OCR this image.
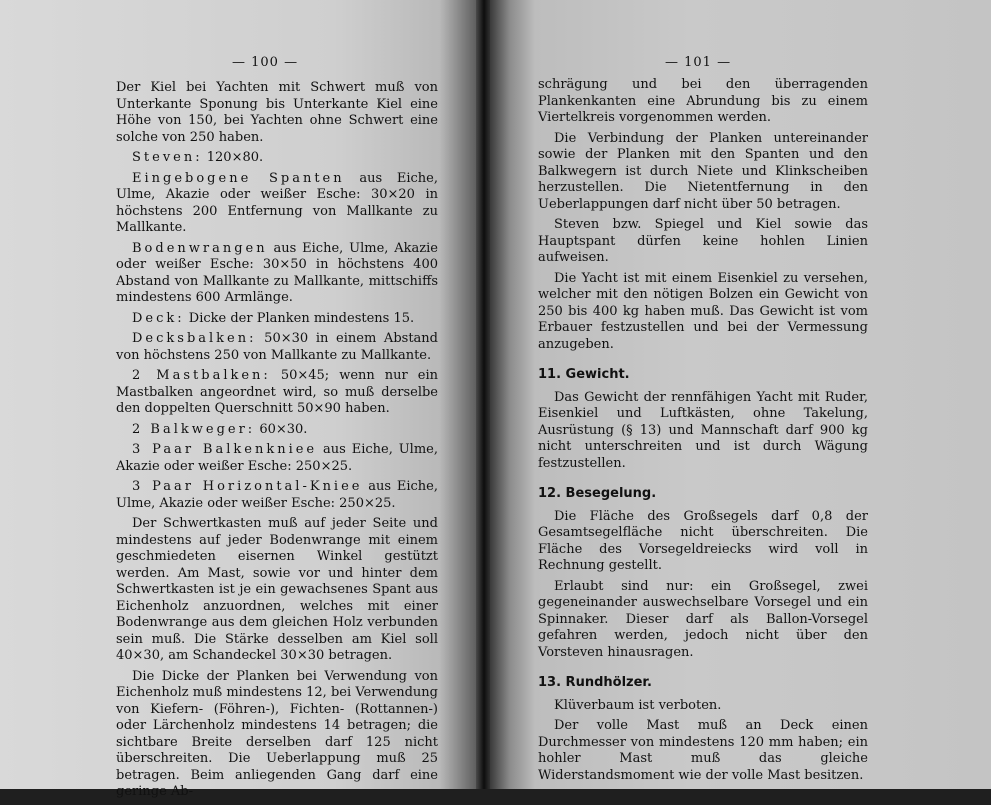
— 100 —

Der Kiel bei Yachten mit Schwert muß von Unterkante Sponung bis Unterkante Kiel eine Höhe von 150, bei Yachten ohne Schwert eine solche von 250 haben.

Steven: 120×80.

Eingebogene Spanten aus Eiche, Ulme, Akazie oder weißer Esche: 30×20 in höchstens 200 Entfernung von Mallkante zu Mallkante.

Bodenwrangen aus Eiche, Ulme, Akazie oder weißer Esche: 30×50 in höchstens 400 Abstand von Mallkante zu Mallkante, mittschiffs mindestens 600 Armlänge.

Deck: Dicke der Planken mindestens 15.

Decksbalken: 50×30 in einem Abstand von höchstens 250 von Mallkante zu Mallkante.

2 Mastbalken: 50×45; wenn nur ein Mastbalken angeordnet wird, so muß derselbe den doppelten Querschnitt 50×90 haben.

2 Balkweger: 60×30.

3 Paar Balkenkniee aus Eiche, Ulme, Akazie oder weißer Esche: 250×25.

3 Paar Horizontal-Kniee aus Eiche, Ulme, Akazie oder weißer Esche: 250×25.

Der Schwertkasten muß auf jeder Seite und mindestens auf jeder Bodenwrange mit einem geschmiedeten eisernen Winkel gestützt werden. Am Mast, sowie vor und hinter dem Schwertkasten ist je ein gewachsenes Spant aus Eichenholz anzuordnen, welches mit einer Bodenwrange aus dem gleichen Holz verbunden sein muß. Die Stärke desselben am Kiel soll 40×30, am Schandeckel 30×30 betragen.

Die Dicke der Planken bei Verwendung von Eichenholz muß mindestens 12, bei Verwendung von Kiefern- (Föhren-), Fichten- (Rottannen-) oder Lärchenholz mindestens 14 betragen; die sichtbare Breite derselben darf 125 nicht überschreiten. Die Ueberlappung muß 25 betragen. Beim anliegenden Gang darf eine geringe Ab-

— 101 —

schrägung und bei den überragenden Plankenkanten eine Abrundung bis zu einem Viertelkreis vorgenommen werden.

Die Verbindung der Planken untereinander sowie der Planken mit den Spanten und den Balkwegern ist durch Niete und Klinkscheiben herzustellen. Die Nietentfernung in den Ueberlappungen darf nicht über 50 betragen.

Steven bzw. Spiegel und Kiel sowie das Hauptspant dürfen keine hohlen Linien aufweisen.

Die Yacht ist mit einem Eisenkiel zu versehen, welcher mit den nötigen Bolzen ein Gewicht von 250 bis 400 kg haben muß. Das Gewicht ist vom Erbauer festzustellen und bei der Vermessung anzugeben.

11. Gewicht.

Das Gewicht der rennfähigen Yacht mit Ruder, Eisenkiel und Luftkästen, ohne Takelung, Ausrüstung (§ 13) und Mannschaft darf 900 kg nicht unterschreiten und ist durch Wägung festzustellen.

12. Besegelung.

Die Fläche des Großsegels darf 0,8 der Gesamtsegelfläche nicht überschreiten. Die Fläche des Vorsegeldreiecks wird voll in Rechnung gestellt.

Erlaubt sind nur: ein Großsegel, zwei gegeneinander auswechselbare Vorsegel und ein Spinnaker. Dieser darf als Ballon-Vorsegel gefahren werden, jedoch nicht über den Vorsteven hinausragen.

13. Rundhölzer.

Klüverbaum ist verboten.

Der volle Mast muß an Deck einen Durchmesser von mindestens 120 mm haben; ein hohler Mast muß das gleiche Widerstandsmoment wie der volle Mast besitzen.
